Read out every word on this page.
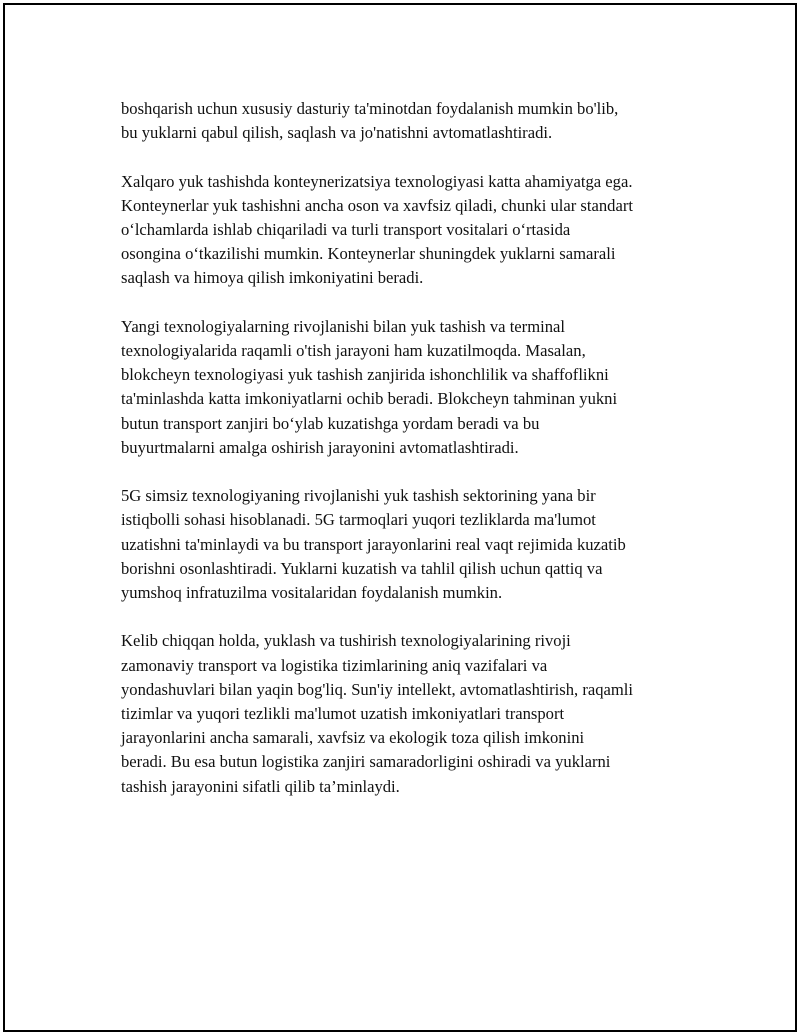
boshqarish uchun xususiy dasturiy ta'minotdan foydalanish mumkin bo'lib,
bu yuklarni qabul qilish, saqlash va jo'natishni avtomatlashtiradi.

Xalqaro yuk tashishda konteynerizatsiya texnologiyasi katta ahamiyatga ega.
Konteynerlar yuk tashishni ancha oson va xavfsiz qiladi, chunki ular standart
o‘lchamlarda ishlab chiqariladi va turli transport vositalari o‘rtasida
osongina o‘tkazilishi mumkin. Konteynerlar shuningdek yuklarni samarali
saqlash va himoya qilish imkoniyatini beradi.

Yangi texnologiyalarning rivojlanishi bilan yuk tashish va terminal
texnologiyalarida raqamli o'tish jarayoni ham kuzatilmoqda. Masalan,
blokcheyn texnologiyasi yuk tashish zanjirida ishonchlilik va shaffoflikni
ta'minlashda katta imkoniyatlarni ochib beradi. Blokcheyn tahminan yukni
butun transport zanjiri bo‘ylab kuzatishga yordam beradi va bu
buyurtmalarni amalga oshirish jarayonini avtomatlashtiradi.

5G simsiz texnologiyaning rivojlanishi yuk tashish sektorining yana bir
istiqbolli sohasi hisoblanadi. 5G tarmoqlari yuqori tezliklarda ma'lumot
uzatishni ta'minlaydi va bu transport jarayonlarini real vaqt rejimida kuzatib
borishni osonlashtiradi. Yuklarni kuzatish va tahlil qilish uchun qattiq va
yumshoq infratuzilma vositalaridan foydalanish mumkin.

Kelib chiqqan holda, yuklash va tushirish texnologiyalarining rivoji
zamonaviy transport va logistika tizimlarining aniq vazifalari va
yondashuvlari bilan yaqin bog'liq. Sun'iy intellekt, avtomatlashtirish, raqamli
tizimlar va yuqori tezlikli ma'lumot uzatish imkoniyatlari transport
jarayonlarini ancha samarali, xavfsiz va ekologik toza qilish imkonini
beradi. Bu esa butun logistika zanjiri samaradorligini oshiradi va yuklarni
tashish jarayonini sifatli qilib ta’minlaydi.
